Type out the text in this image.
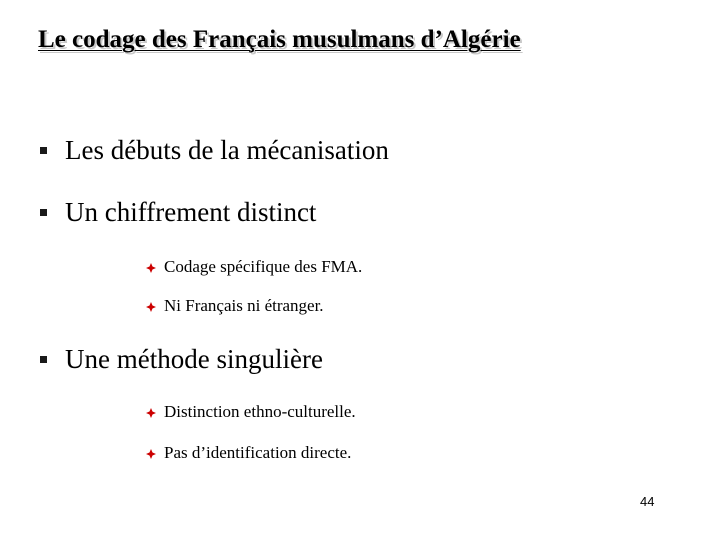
Le codage des Français musulmans d’Algérie
Les débuts de la mécanisation
Un chiffrement distinct
Codage spécifique des FMA.
Ni Français ni étranger.
Une méthode singulière
Distinction ethno-culturelle.
Pas d’identification directe.
44
